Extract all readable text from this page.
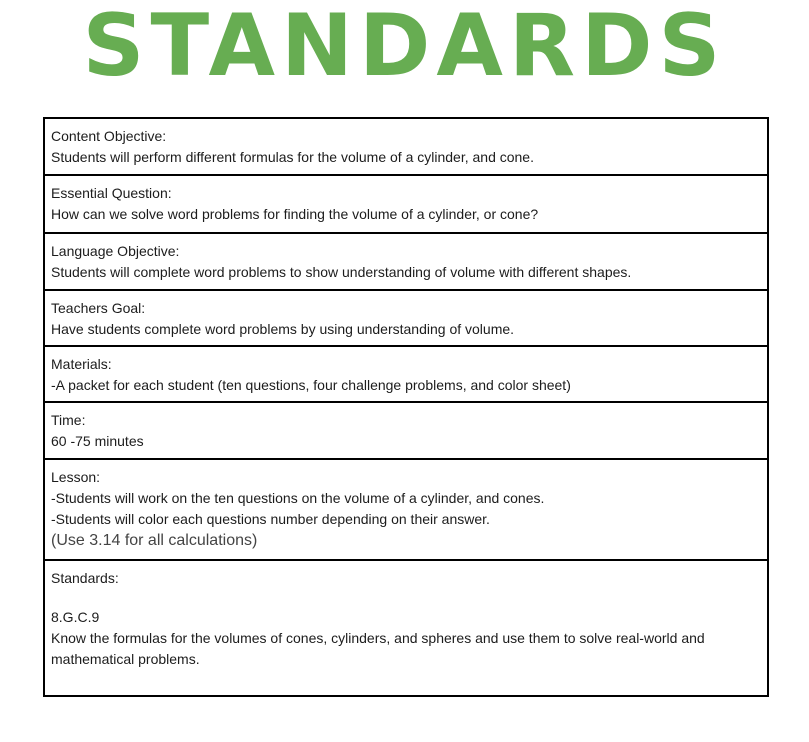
STANDARDS
Content Objective:
Students will perform different formulas for the volume of a cylinder, and cone.
Essential Question:
How can we solve word problems for finding the volume of a cylinder, or cone?
Language Objective:
Students will complete word problems to show understanding of volume with different shapes.
Teachers Goal:
Have students complete word problems by using understanding of volume.
Materials:
-A packet for each student (ten questions, four challenge problems, and color sheet)
Time:
60 -75 minutes
Lesson:
-Students will work on the ten questions on the volume of a cylinder, and cones.
-Students will color each questions number depending on their answer.
(Use 3.14 for all calculations)
Standards:
8.G.C.9
Know the formulas for the volumes of cones, cylinders, and spheres and use them to solve real-world and
mathematical problems.
